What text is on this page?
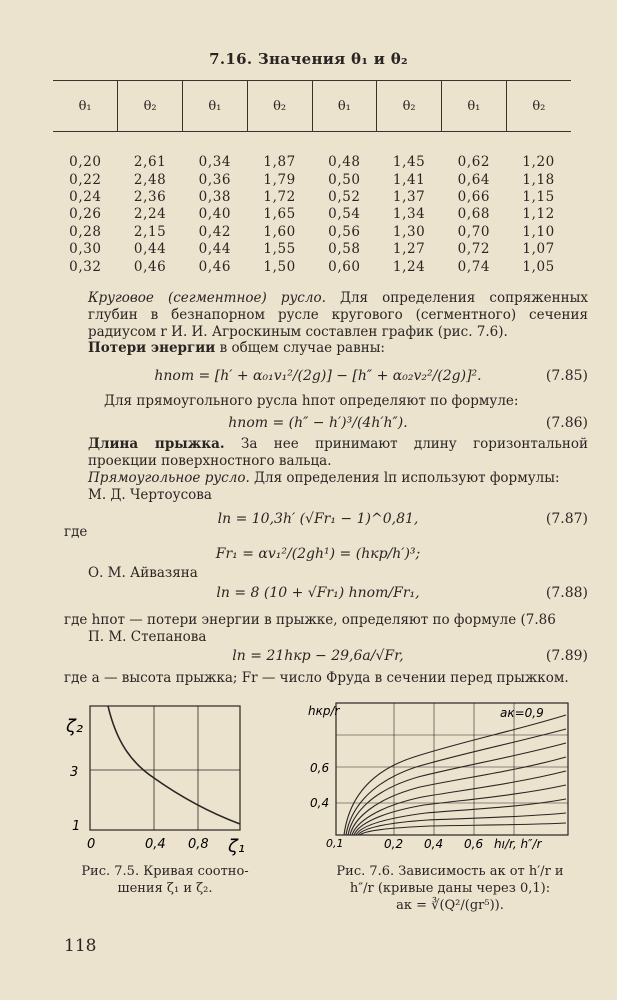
7.16. Значения θ₁ и θ₂
θ₁	θ₂	θ₁	θ₂	θ₁	θ₂	θ₁	θ₂
0,20	2,61	0,34	1,87	0,48	1,45	0,62	1,20
0,22	2,48	0,36	1,79	0,50	1,41	0,64	1,18
0,24	2,36	0,38	1,72	0,52	1,37	0,66	1,15
0,26	2,24	0,40	1,65	0,54	1,34	0,68	1,12
0,28	2,15	0,42	1,60	0,56	1,30	0,70	1,10
0,30	0,44	0,44	1,55	0,58	1,27	0,72	1,07
0,32	0,46	0,46	1,50	0,60	1,24	0,74	1,05

Круговое (сегментное) русло. Для определения сопряженных глубин в безнапорном русле кругового (сегментного) сечения радиусом r И. И. Агроскиным составлен график (рис. 7.6).

Потери энергии в общем случае равны:

hпот = [h′ + α₀₁v₁²/(2g)] − [h″ + α₀₂v₂²/(2g)]².	(7.85)

Для прямоугольного русла hпот определяют по формуле:

hпот = (h″ − h′)³/(4h′h″).	(7.86)

Длина прыжка. За нее принимают длину горизонтальной проекции поверхностного вальца.

Прямоугольное русло. Для определения lп используют формулы:

М. Д. Чертоусова

lп = 10,3h′ (√Fr₁ − 1)^0,81,	(7.87)

где

Fr₁ = αv₁²/(2gh¹) = (hкр/h′)³;

О. М. Айвазяна

lп = 8 (10 + √Fr₁) hпот/Fr₁,	(7.88)

где hпот — потери энергии в прыжке, определяют по формуле (7.86

П. М. Степанова

lп = 21hкр − 29,6a/√Fr,	(7.89)

где a — высота прыжка; Fr — число Фруда в сечении перед прыжком.

ζ₂
3
1
0	0,4 0,8 ζ₁
Рис. 7.5. Кривая соотно-
шения ζ₁ и ζ₂.
hкр/r	aк=0,9
0,6
0,4
0,1	0,2 0,4 0,6 hı/r, h″/r
Рис. 7.6. Зависимость aк от h′/r и
h″/r (кривые даны через 0,1):
aк = ∛(Q²/(gr⁵)).
118
